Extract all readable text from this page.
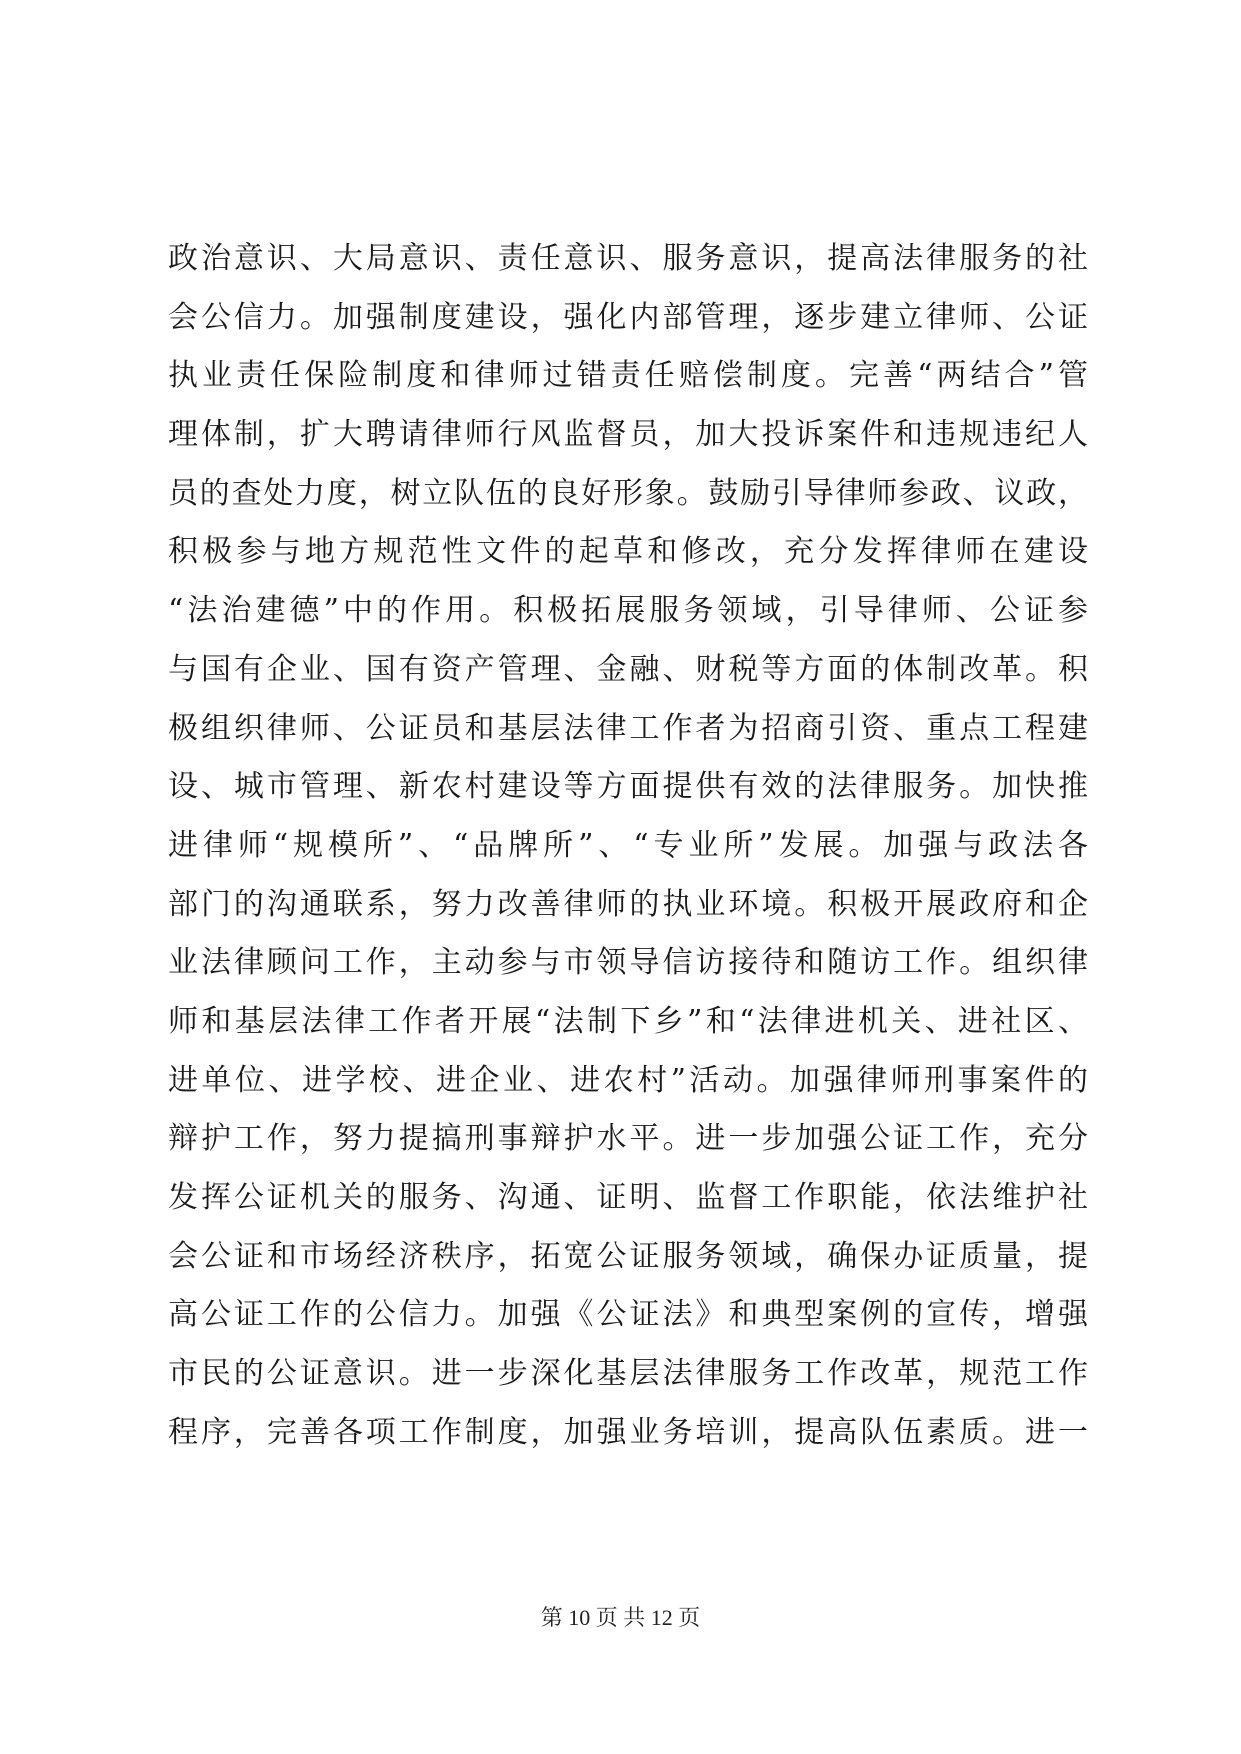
政治意识、大局意识、责任意识、服务意识，提高法律服务的社
会公信力。加强制度建设，强化内部管理，逐步建立律师、公证
执业责任保险制度和律师过错责任赔偿制度。完善“两结合”管
理体制，扩大聘请律师行风监督员，加大投诉案件和违规违纪人
员的查处力度，树立队伍的良好形象。鼓励引导律师参政、议政，
积极参与地方规范性文件的起草和修改，充分发挥律师在建设
“法治建德”中的作用。积极拓展服务领域，引导律师、公证参
与国有企业、国有资产管理、金融、财税等方面的体制改革。积
极组织律师、公证员和基层法律工作者为招商引资、重点工程建
设、城市管理、新农村建设等方面提供有效的法律服务。加快推
进律师“规模所”、“品牌所”、“专业所”发展。加强与政法各
部门的沟通联系，努力改善律师的执业环境。积极开展政府和企
业法律顾问工作，主动参与市领导信访接待和随访工作。组织律
师和基层法律工作者开展“法制下乡”和“法律进机关、进社区、
进单位、进学校、进企业、进农村”活动。加强律师刑事案件的
辩护工作，努力提搞刑事辩护水平。进一步加强公证工作，充分
发挥公证机关的服务、沟通、证明、监督工作职能，依法维护社
会公证和市场经济秩序，拓宽公证服务领域，确保办证质量，提
高公证工作的公信力。加强《公证法》和典型案例的宣传，增强
市民的公证意识。进一步深化基层法律服务工作改革，规范工作
程序，完善各项工作制度，加强业务培训，提高队伍素质。进一
第 10 页 共 12 页
